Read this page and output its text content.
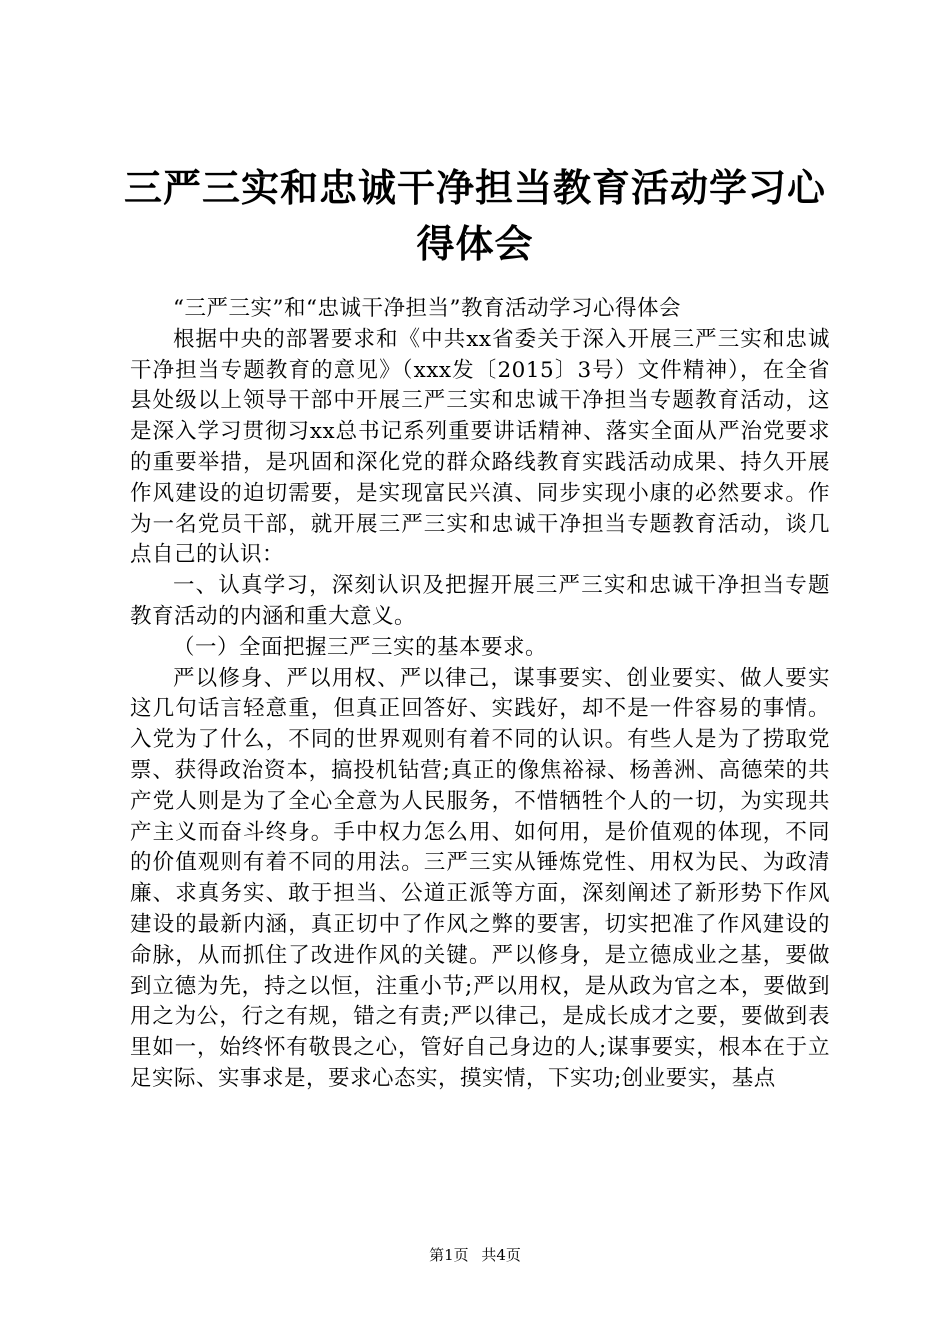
三严三实和忠诚干净担当教育活动学习心得体会

“三严三实”和“忠诚干净担当”教育活动学习心得体会

根据中央的部署要求和《中共xx省委关于深入开展三严三实和忠诚干净担当专题教育的意见》（xxx发〔2015〕3号）文件精神），在全省县处级以上领导干部中开展三严三实和忠诚干净担当专题教育活动，这是深入学习贯彻习xx总书记系列重要讲话精神、落实全面从严治党要求的重要举措，是巩固和深化党的群众路线教育实践活动成果、持久开展作风建设的迫切需要，是实现富民兴滇、同步实现小康的必然要求。作为一名党员干部，就开展三严三实和忠诚干净担当专题教育活动，谈几点自己的认识：

一、认真学习，深刻认识及把握开展三严三实和忠诚干净担当专题教育活动的内涵和重大意义。

（一）全面把握三严三实的基本要求。

严以修身、严以用权、严以律己，谋事要实、创业要实、做人要实这几句话言轻意重，但真正回答好、实践好，却不是一件容易的事情。入党为了什么，不同的世界观则有着不同的认识。有些人是为了捞取党票、获得政治资本，搞投机钻营;真正的像焦裕禄、杨善洲、高德荣的共产党人则是为了全心全意为人民服务，不惜牺牲个人的一切，为实现共产主义而奋斗终身。手中权力怎么用、如何用，是价值观的体现，不同的价值观则有着不同的用法。三严三实从锤炼党性、用权为民、为政清廉、求真务实、敢于担当、公道正派等方面，深刻阐述了新形势下作风建设的最新内涵，真正切中了作风之弊的要害，切实把准了作风建设的命脉，从而抓住了改进作风的关键。严以修身，是立德成业之基，要做到立德为先，持之以恒，注重小节;严以用权，是从政为官之本，要做到用之为公，行之有规，错之有责;严以律己，是成长成才之要，要做到表里如一，始终怀有敬畏之心，管好自己身边的人;谋事要实，根本在于立足实际、实事求是，要求心态实，摸实情，下实功;创业要实，基点

第1页 共4页
